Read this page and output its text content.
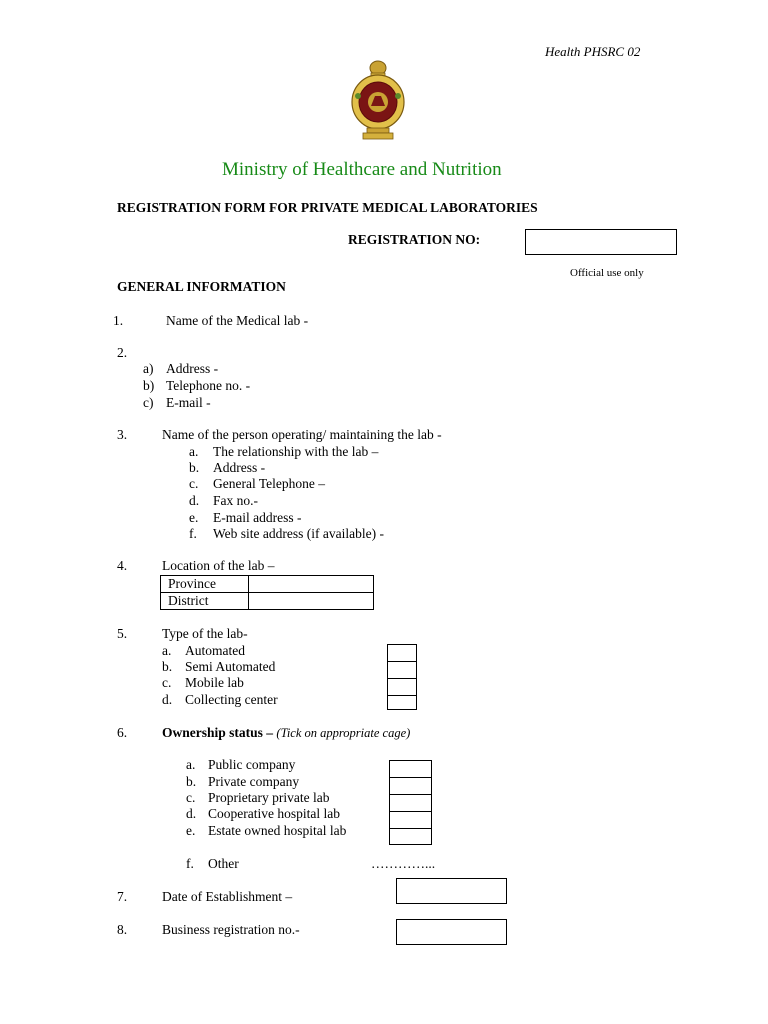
Health PHSRC 02
Ministry of Healthcare and Nutrition
REGISTRATION FORM FOR PRIVATE MEDICAL LABORATORIES
REGISTRATION NO:
Official use only
GENERAL INFORMATION
1.	Name of the Medical lab -
2.
a) Address -
b) Telephone no. -
c) E-mail -
3.	Name of the person operating/ maintaining the lab -
a. The relationship with the lab –
b. Address -
c. General Telephone –
d. Fax no.-
e. E-mail address -
f. Web site address (if available) -
4.	Location of the lab –
Province
District
5.	Type of the lab-
a. Automated
b. Semi Automated
c. Mobile lab
d. Collecting center
6.	Ownership status – (Tick on appropriate cage)
a. Public company
b. Private company
c. Proprietary private lab
d. Cooperative hospital lab
e. Estate owned hospital lab
f. Other	…………...
7.	Date of Establishment –
8.	Business registration no.-
